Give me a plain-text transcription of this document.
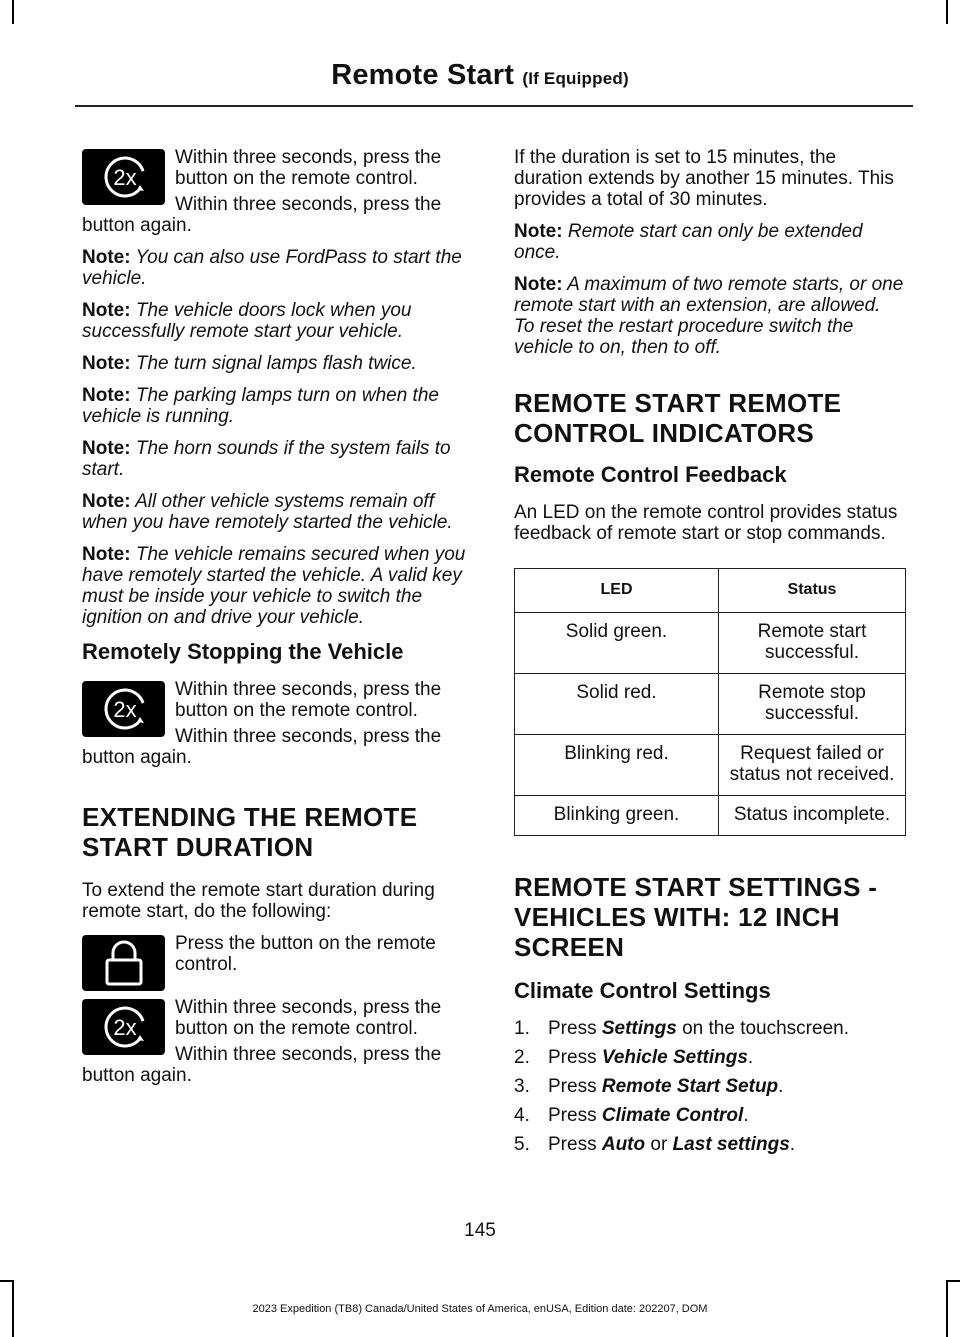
Remote Start (If Equipped)
2x

Within three seconds, press the button on the remote control.

Within three seconds, press the button again.

Note: You can also use FordPass to start the vehicle.

Note: The vehicle doors lock when you successfully remote start your vehicle.

Note: The turn signal lamps flash twice.

Note: The parking lamps turn on when the vehicle is running.

Note: The horn sounds if the system fails to start.

Note: All other vehicle systems remain off when you have remotely started the vehicle.

Note: The vehicle remains secured when you have remotely started the vehicle. A valid key must be inside your vehicle to switch the ignition on and drive your vehicle.

Remotely Stopping the Vehicle
2x

Within three seconds, press the button on the remote control.

Within three seconds, press the button again.

EXTENDING THE REMOTE
START DURATION

To extend the remote start duration during remote start, do the following:

Press the button on the remote control.

2x

Within three seconds, press the button on the remote control.

Within three seconds, press the button again.

If the duration is set to 15 minutes, the duration extends by another 15 minutes. This provides a total of 30 minutes.

Note: Remote start can only be extended once.

Note: A maximum of two remote starts, or one remote start with an extension, are allowed. To reset the restart procedure switch the vehicle to on, then to off.

REMOTE START REMOTE
CONTROL INDICATORS
Remote Control Feedback

An LED on the remote control provides status feedback of remote start or stop commands.

LED	Status
Solid green.	Remote start successful.
Solid red.	Remote stop successful.
Blinking red.	Request failed or status not received.
Blinking green.	Status incomplete.
REMOTE START SETTINGS -
VEHICLES WITH: 12 INCH
SCREEN
Climate Control Settings
1. Press Settings on the touchscreen.
2. Press Vehicle Settings.
3. Press Remote Start Setup.
4. Press Climate Control.
5. Press Auto or Last settings.
145
2023 Expedition (TB8) Canada/United States of America, enUSA, Edition date: 202207, DOM
